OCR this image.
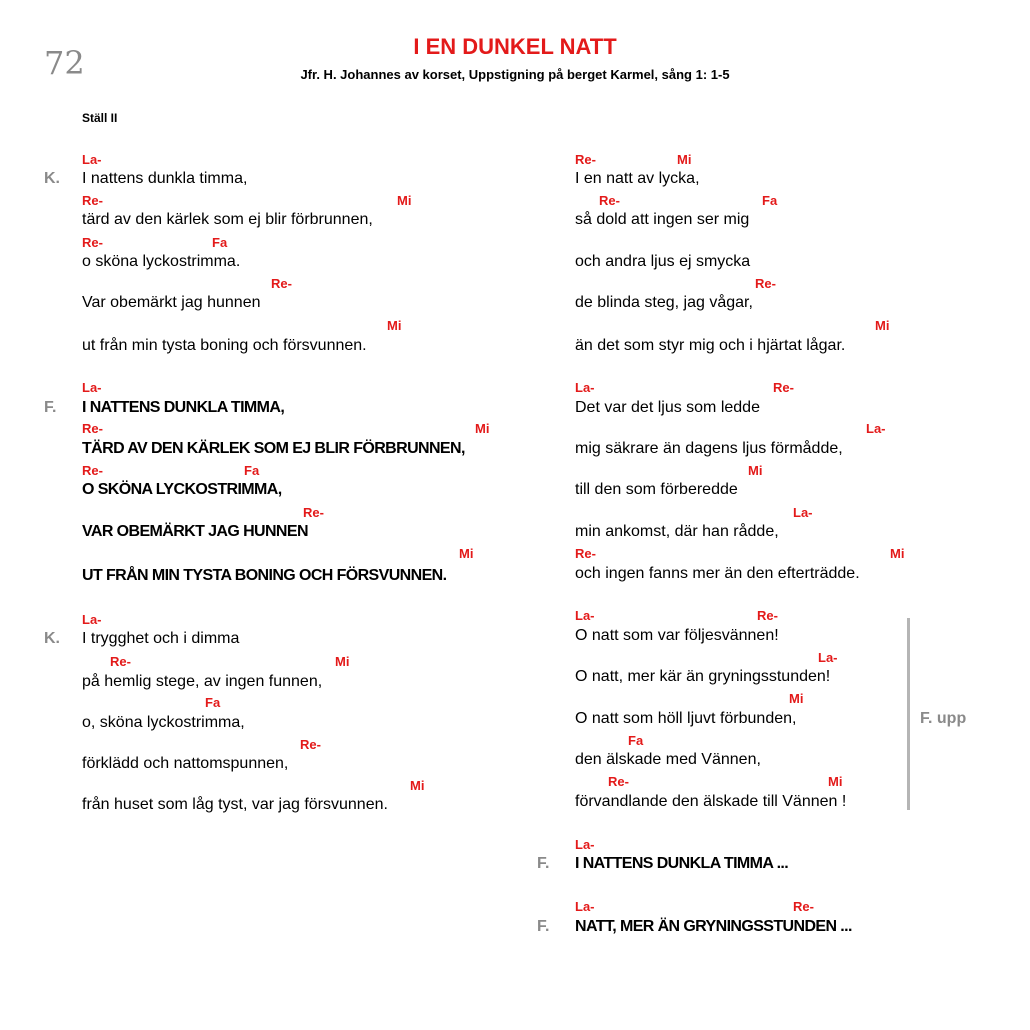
72	I EN DUNKEL NATT
Jfr. H. Johannes av korset, Uppstigning på berget Karmel, sång 1: 1-5
Ställ II
K.
La-
I nattens dunkla timma,
Re-	Mi
tärd av den kärlek som ej blir förbrunnen,
Re-	Fa
o sköna lyckostrimma.
Re-
Var obemärkt jag hunnen
Mi
ut från min tysta boning och försvunnen.
F.
La-
I NATTENS DUNKLA TIMMA,
Re-	Mi
TÄRD AV DEN KÄRLEK SOM EJ BLIR FÖRBRUNNEN,
Re-	Fa
O SKÖNA LYCKOSTRIMMA,
Re-
VAR OBEMÄRKT JAG HUNNEN
Mi
UT FRÅN MIN TYSTA BONING OCH FÖRSVUNNEN.
K.
La-
I trygghet och i dimma
Re-	Mi
på hemlig stege, av ingen funnen,
Fa
o, sköna lyckostrimma,
Re-
förklädd och nattomspunnen,
Mi
från huset som låg tyst, var jag försvunnen.
Re-	Mi
I en natt av lycka,
Re-	Fa
så dold att ingen ser mig
och andra ljus ej smycka
Re-
de blinda steg, jag vågar,
Mi
än det som styr mig och i hjärtat lågar.
La-	Re-
Det var det ljus som ledde
La-
mig säkrare än dagens ljus förmådde,
Mi
till den som förberedde
La-
min ankomst, där han rådde,
Re-	Mi
och ingen fanns mer än den efterträdde.
La-	Re-
O natt som var följesvännen!
La-
O natt, mer kär än gryningsstunden!
Mi
O natt som höll ljuvt förbunden,
Fa
den älskade med Vännen,
Re-	Mi
förvandlande den älskade till Vännen !
F. upp
La-
F. I NATTENS DUNKLA TIMMA ...
La-	Re-
F. NATT, MER ÄN GRYNINGSSTUNDEN ...
